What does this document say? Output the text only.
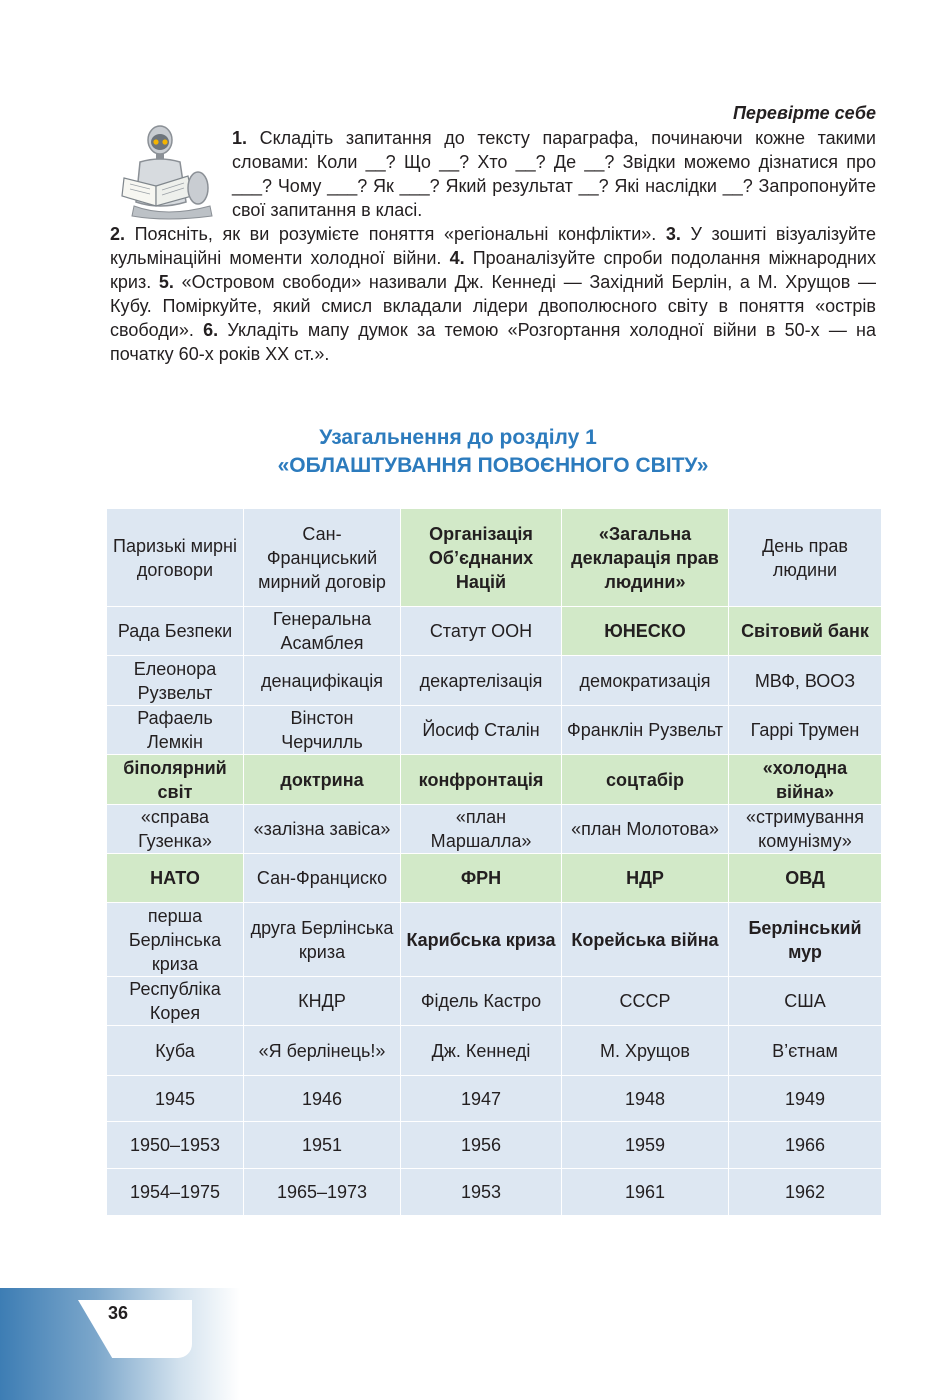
Перевірте себе

1. Складіть запитання до тексту параграфа, починаючи кожне такими словами: Коли __? Що __? Хто __? Де __? Звідки можемо дізнатися про ___? Чому ___? Як ___? Який результат __? Які наслідки __? Запропонуйте свої запитання в класі.

2. Поясніть, як ви розумієте поняття «регіональні конфлікти». 3. У зошиті візуалізуйте кульмінаційні моменти холодної війни. 4. Проаналізуйте спроби подолання міжнародних криз. 5. «Островом свободи» називали Дж. Кеннеді — Західний Берлін, а М. Хрущов — Кубу. Поміркуйте, який смисл вкладали лідери двополюсного світу в поняття «острів свободи». 6. Укладіть мапу думок за темою «Розгортання холодної війни в 50-х — на початку 60-х років XX ст.».

Узагальнення до розділу 1
«ОБЛАШТУВАННЯ ПОВОЄННОГО СВІТУ»
Паризькі мирні договори	Сан-Франциський мирний договір	Організація Об’єднаних Націй	«Загальна декларація прав людини»	День прав людини
Рада Безпеки	Генеральна Асамблея	Статут ООН	ЮНЕСКО	Світовий банк
Елеонора Рузвельт	денацифікація	декартелізація	демократизація	МВФ, ВООЗ
Рафаель Лемкін	Вінстон Черчилль	Йосиф Сталін	Франклін Рузвельт	Гаррі Трумен
біполярний світ	доктрина	конфронтація	соцтабір	«холодна війна»
«справа Гузенка»	«залізна завіса»	«план Маршалла»	«план Молотова»	«стримування комунізму»
НАТО	Сан-Франциско	ФРН	НДР	ОВД
перша Берлінська криза	друга Берлінська криза	Карибська криза	Корейська війна	Берлінський мур
Республіка Корея	КНДР	Фідель Кастро	СССР	США
Куба	«Я берлінець!»	Дж. Кеннеді	М. Хрущов	В’єтнам
1945	1946	1947	1948	1949
1950–1953	1951	1956	1959	1966
1954–1975	1965–1973	1953	1961	1962
36
